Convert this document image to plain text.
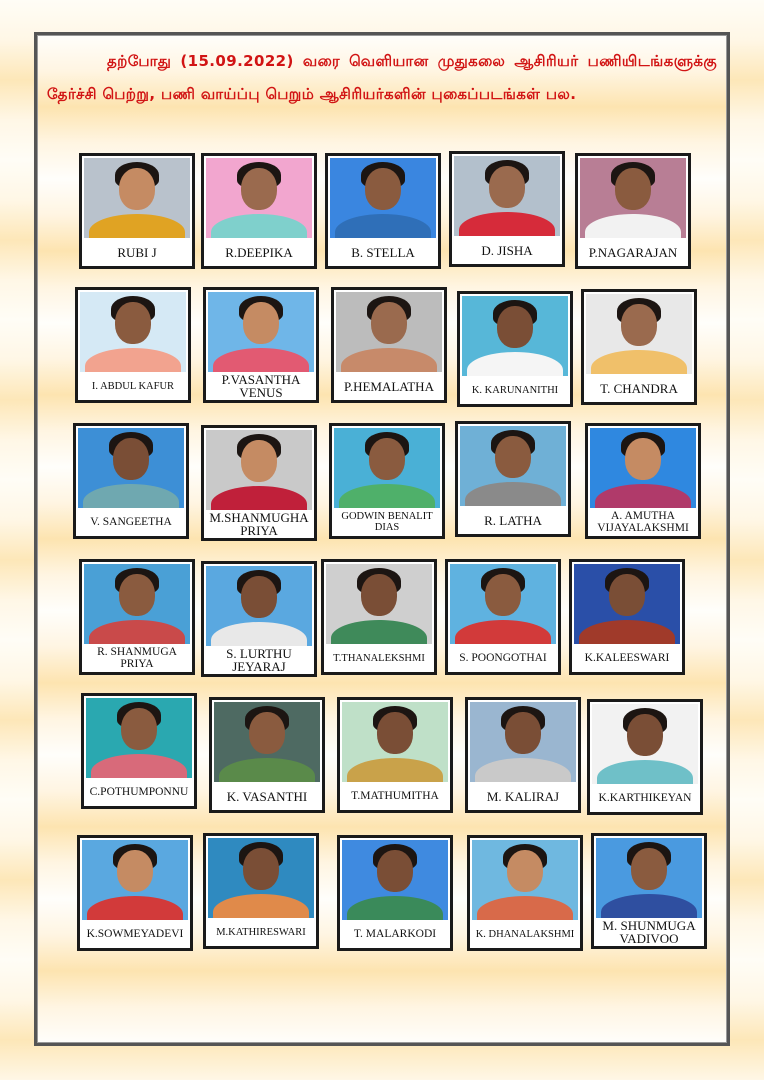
தற்போது (15.09.2022) வரை வெளியான முதுகலை ஆசிரியர் பணியிடங்களுக்கு தேர்ச்சி பெற்று, பணி வாய்ப்பு பெறும் ஆசிரியர்களின் புகைப்படங்கள் பல.
RUBI J	R.DEEPIKA	B. STELLA	D. JISHA	P.NAGARAJAN
I. ABDUL KAFUR	P.VASANTHA
VENUS	P.HEMALATHA	K. KARUNANITHI	T. CHANDRA
V. SANGEETHA	M.SHANMUGHA
PRIYA
GODWIN BENALIT
DIAS	R. LATHA	A. AMUTHA
VIJAYALAKSHMI
R. SHANMUGA
PRIYA
S. LURTHU
JEYARAJ
T.THANALEKSHMI	S. POONGOTHAI	K.KALEESWARI
C.POTHUMPONNU	K. VASANTHI	T.MATHUMITHA	M. KALIRAJ	K.KARTHIKEYAN
K.SOWMEYADEVI	M.KATHIRESWARI	T. MALARKODI	K. DHANALAKSHMI
M. SHUNMUGA
VADIVOO
